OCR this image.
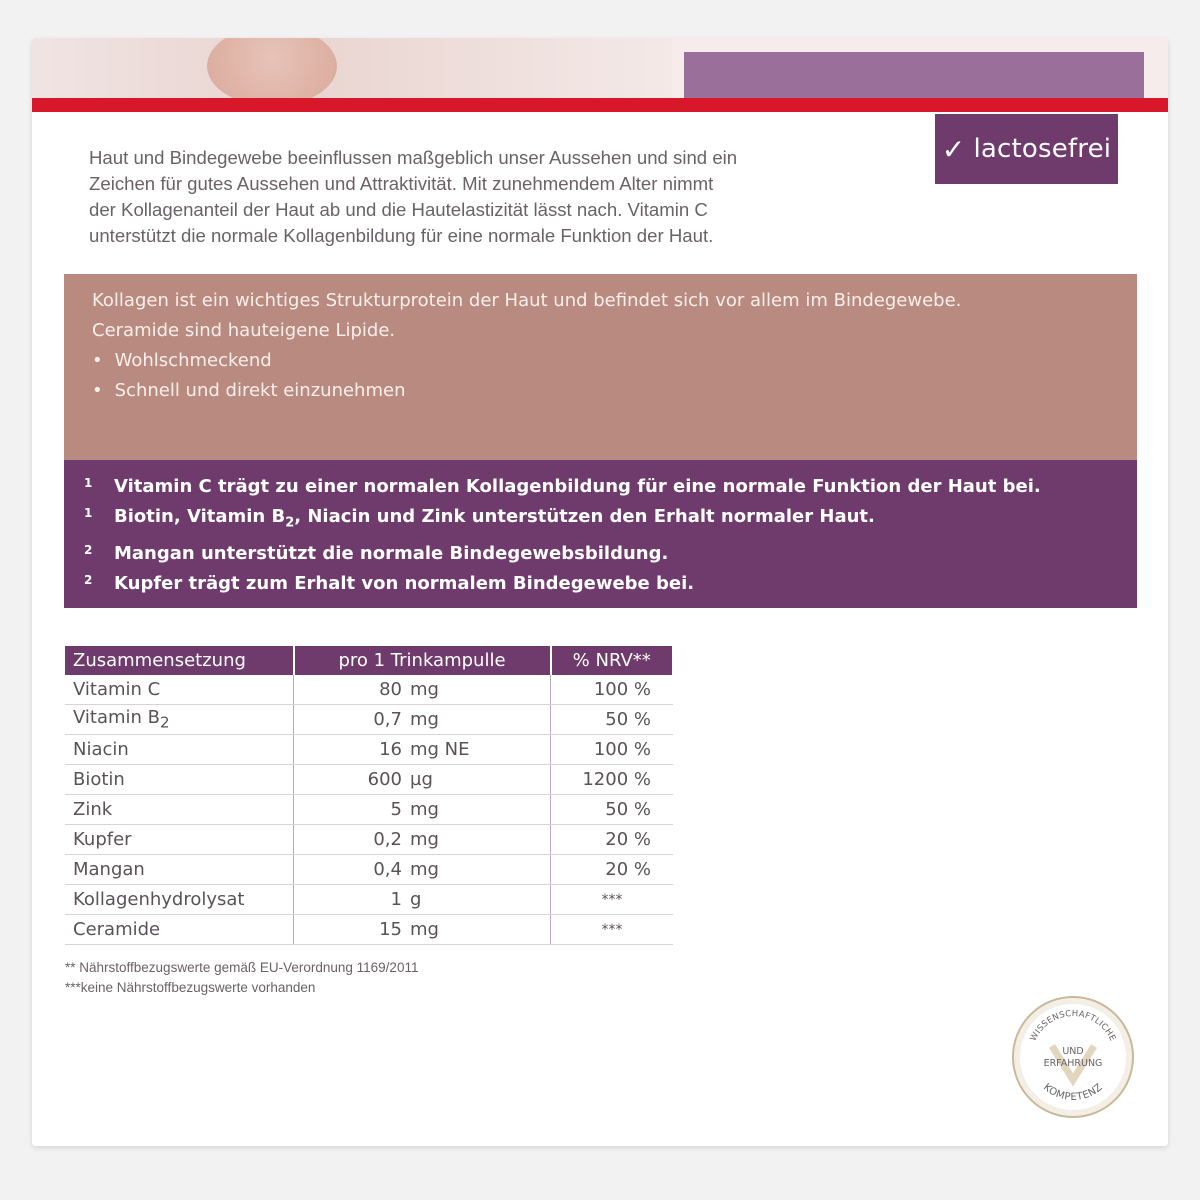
✓ lactosefrei
Haut und Bindegewebe beeinflussen maßgeblich unser Aussehen und sind ein
Zeichen für gutes Aussehen und Attraktivität. Mit zunehmendem Alter nimmt
der Kollagenanteil der Haut ab und die Hautelastizität lässt nach. Vitamin C
unterstützt die normale Kollagenbildung für eine normale Funktion der Haut.
Kollagen ist ein wichtiges Strukturprotein der Haut und befindet sich vor allem im Bindegewebe.
Ceramide sind hauteigene Lipide.
• Wohlschmeckend
• Schnell und direkt einzunehmen
1	Vitamin C trägt zu einer normalen Kollagenbildung für eine normale Funktion der Haut bei.
1	Biotin, Vitamin $B_2$, Niacin und Zink unterstützen den Erhalt normaler Haut.
2	Mangan unterstützt die normale Bindegewebsbildung.
2	Kupfer trägt zum Erhalt von normalem Bindegewebe bei.
Zusammensetzung	pro 1 Trinkampulle	% NRV**
Vitamin C	80 mg	100 %
Vitamin $B_2$	0,7 mg	50 %
Niacin	16 mg NE	100 %
Biotin	600 µg	1200 %
Zink	5 mg	50 %
Kupfer	0,2 mg	20 %
Mangan	0,4 mg	20 %
Kollagenhydrolysat	1 g	***
Ceramide	15 mg	***
** Nährstoffbezugswerte gemäß EU-Verordnung 1169/2011
***keine Nährstoffbezugswerte vorhanden
WISSENSCHAFTLICHE
KOMPETENZ
UND
ERFAHRUNG
